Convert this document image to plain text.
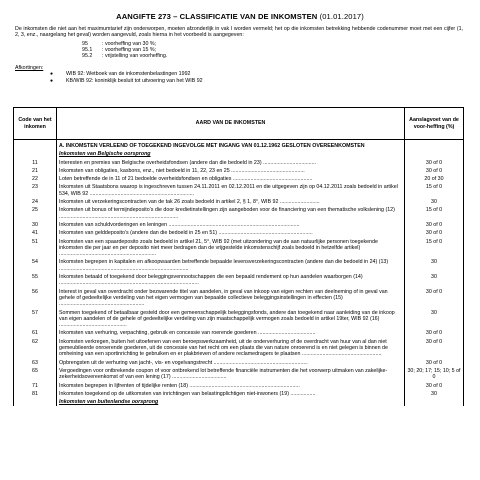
AANGIFTE 273 – CLASSIFICATIE VAN DE INKOMSTEN (01.01.2017)
De inkomsten die niet aan het maximumtarief zijn onderworpen, moeten afzonderlijk in vak I worden vermeld; het op die inkomsten betrekking hebbende codenummer moet met een cijfer (1, 2, 3, enz., naargelang het geval) worden aangevuld, zoals hierna in het voorbeeld is aangegeven:
95	: voorheffing van 30 %;
95.1	: voorheffing van 15 %;
95.2	: vrijstelling van voorheffing.
Afkortingen:
●	WIB 92: Wetboek van de inkomstenbelastingen 1992
●	KB/WIB 92: koninklijk besluit tot uitvoering van het WIB 92
Code van het inkomen	AARD VAN DE INKOMSTEN	Aanslagvoet van de voor-heffing (%)
	A. INKOMSTEN VERLEEND OF TOEGEKEND INGEVOLGE MET INGANG VAN 01.12.1962 GESLOTEN OVEREENKOMSTEN	
	Inkomsten van Belgische oorsprong	
11	Interesten en premies van Belgische overheidsfondsen (andere dan die bedoeld in 23) ....................................	30 of 0
21	Inkomsten van obligaties, kasbons, enz., niet bedoeld in 11, 22, 23 en 25 ..................................................	30 of 0
22	Loten betreffende de in 11 of 21 bedoelde overheidsfondsen en obligaties ......................................................	20 of 30
23	Inkomsten uit Staatsbons waarop is ingeschreven tussen 24.11.2011 en 02.12.2011 en die uitgegeven zijn op 04.12.2011 zoals bedoeld in artikel 534, WIB 92 .......................................................................	15 of 0
24	Inkomsten uit verzekeringscontracten van de tak 26 zoals bedoeld in artikel 2, § 1, 8°, WIB 92 ...........................	30
25	Inkomsten uit bonus of termijndeposito’s die door kredietinstellingen zijn aangeboden voor de financiering van een thematische volkslening (12) .................................................................................	15 of 0
30	Inkomsten van schuldvorderingen en leningen .........................................................................................	30 of 0
41	Inkomsten van gelddeposito’s (andere dan die bedoeld in 25 en 51) ................................................................	30 of 0
51	Inkomsten van een spaardeposito zoals bedoeld in artikel 21, 5°, WIB 92 (met uitzondering van de aan natuurlijke personen toegekende inkomsten die per jaar en per deposito niet meer bedragen dan de vrijgestelde inkomstenschijf zoals bedoeld in hetzelfde artikel) ..................................................................	15 of 0
54	Inkomsten begrepen in kapitalen en afkoopwaarden betreffende bepaalde levensverzekeringscontracten (andere dan die bedoeld in 24) (13) ........................................................................................	30
55	Inkomsten betaald of toegekend door beleggingsvennootschappen die een bepaald rendement op hun aandelen waarborgen (14) ...............................................................................................	30
56	Interest in geval van overdracht onder bezwarende titel van aandelen, in geval van inkoop van eigen rechten van deelneming of in geval van gehele of gedeeltelijke verdeling van het eigen vermogen van bepaalde collectieve beleggingsinstellingen in effecten (15) ..........................................................	30 of 0
57	Sommen toegekend of betaalbaar gesteld door een gemeenschappelijk beleggingsfonds, andere dan toegekend naar aanleiding van de inkoop van eigen aandelen of de gehele of gedeeltelijke verdeling van zijn maatschappelijk vermogen zoals bedoeld in artikel 19ter, WIB 92 (16) ..............................................	30
61	Inkomsten van verhuring, verpachting, gebruik en concessie van roerende goederen .......................................	30 of 0
62	Inkomsten verkregen, buiten het uitoefenen van een beroepswerkzaamheid, uit de onderverhuring of de overdracht van huur van al dan niet gemeubileerde onroerende goederen, uit de concessie van het recht om een plaats die van nature onroerend is en niet gelegen is binnen de omheining van een sportinrichting te gebruiken en er plakbrieven of andere reclamedragers te plaatsen ......................................................	30 of 0
63	Opbrengsten uit de verhuring van jacht-, vis- en vogelvangstrecht ................................................................	30 of 0
65	Vergoedingen voor ontbrekende coupon of voor ontbrekend lot betreffende financiële instrumenten die het voorwerp uitmaken van zakelijke-zekerheidsovereenkomst of van een lening (17) .....................................	30; 20; 17; 15; 10; 5 of 0
71	Inkomsten begrepen in lijfrenten of tijdelijke renten (18) ...........................................................................	30 of 0
81	Inkomsten toegekend op de uitkomsten van inrichtingen van belastingplichtigen niet-inwoners (19) .................	30
	Inkomsten van buitenlandse oorsprong	
